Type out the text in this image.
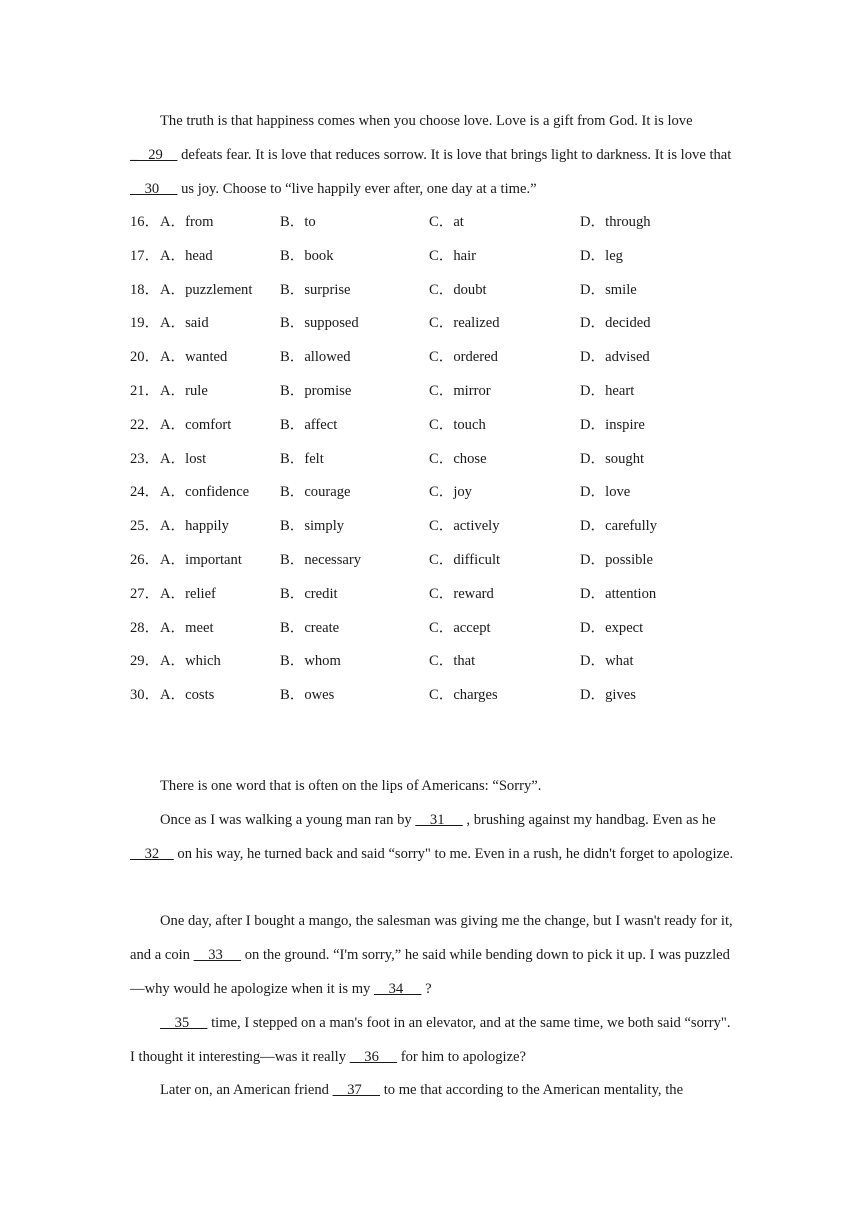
The truth is that happiness comes when you choose love. Love is a gift from God. It is love _   29     defeats fear. It is love that reduces sorrow. It is love that brings light to darkness. It is love that     30      us joy. Choose to “live happily ever after, one day at a time.”

16． A．from	B．to	C．at	D．through
17． A．head	B．book	C．hair	D．leg
18． A．puzzlement B．surprise	C．doubt	D．smile
19． A．said	B．supposed	C．realized	D．decided
20． A．wanted	B．allowed	C．ordered	D．advised
21． A．rule	B．promise	C．mirror	D．heart
22． A．comfort	B．affect	C．touch	D．inspire
23． A．lost	B．felt	C．chose	D．sought
24． A．confidence B．courage	C．joy	D．love
25． A．happily	B．simply	C．actively	D．carefully
26． A．important	B．necessary	C．difficult	D．possible
27． A．relief	B．credit	C．reward	D．attention
28． A．meet	B．create	C．accept	D．expect
29． A．which	B．whom	C．that	D．what
30． A．costs	B．owes	C．charges	D．gives

There is one word that is often on the lips of Americans: “Sorry”.

Once as I was walking a young man ran by     31      , brushing against my handbag. Even as he     32     on his way, he turned back and said “sorry" to me. Even in a rush, he didn't forget to apologize.

One day, after I bought a mango, the salesman was giving me the change, but I wasn't ready for it, and a coin     33      on the ground. “I'm sorry,” he said while bending down to pick it up. I was puzzled—why would he apologize when it is my     34      ?

35      time, I stepped on a man's foot in an elevator, and at the same time, we both said “sorry". I thought it interesting—was it really     36      for him to apologize?

Later on, an American friend     37      to me that according to the American mentality, the
